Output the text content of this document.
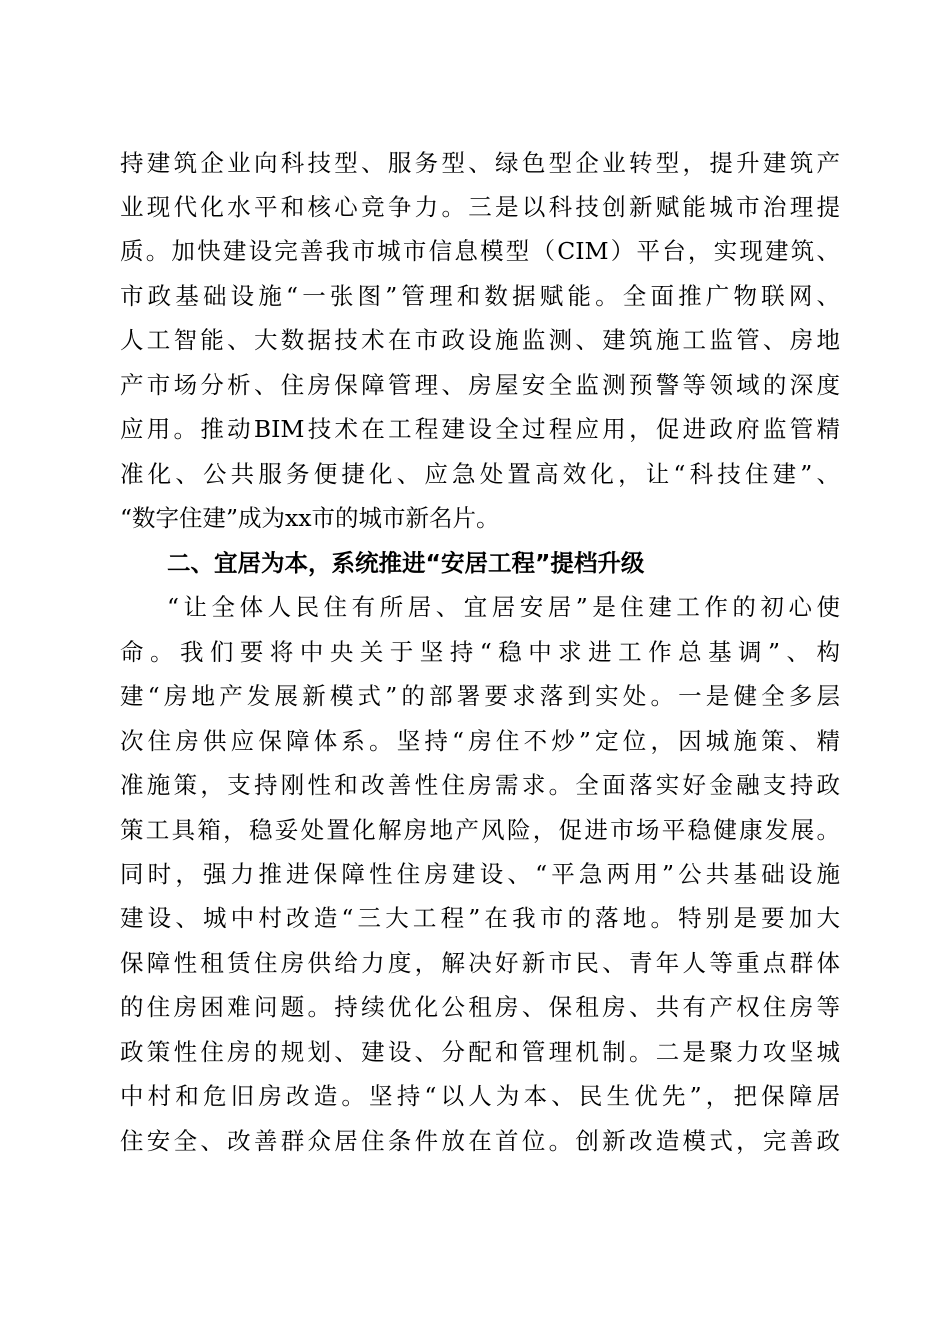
持建筑企业向科技型、服务型、绿色型企业转型，提升建筑产
业现代化水平和核心竞争力。三是以科技创新赋能城市治理提
质。加快建设完善我市城市信息模型（CIM）平台，实现建筑、
市政基础设施“一张图”管理和数据赋能。全面推广物联网、
人工智能、大数据技术在市政设施监测、建筑施工监管、房地
产市场分析、住房保障管理、房屋安全监测预警等领域的深度
应用。推动BIM技术在工程建设全过程应用，促进政府监管精
准化、公共服务便捷化、应急处置高效化，让“科技住建”、
“数字住建”成为xx市的城市新名片。
二、宜居为本，系统推进“安居工程”提档升级
“让全体人民住有所居、宜居安居”是住建工作的初心使
命。我们要将中央关于坚持“稳中求进工作总基调”、构
建“房地产发展新模式”的部署要求落到实处。一是健全多层
次住房供应保障体系。坚持“房住不炒”定位，因城施策、精
准施策，支持刚性和改善性住房需求。全面落实好金融支持政
策工具箱，稳妥处置化解房地产风险，促进市场平稳健康发展。
同时，强力推进保障性住房建设、“平急两用”公共基础设施
建设、城中村改造“三大工程”在我市的落地。特别是要加大
保障性租赁住房供给力度，解决好新市民、青年人等重点群体
的住房困难问题。持续优化公租房、保租房、共有产权住房等
政策性住房的规划、建设、分配和管理机制。二是聚力攻坚城
中村和危旧房改造。坚持“以人为本、民生优先”，把保障居
住安全、改善群众居住条件放在首位。创新改造模式，完善政
